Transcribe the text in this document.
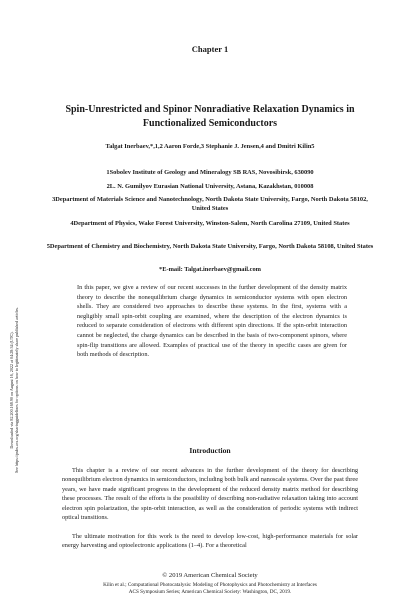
Chapter 1
Spin-Unrestricted and Spinor Nonradiative Relaxation Dynamics in Functionalized Semiconductors
Talgat Inerbaev,*,1,2 Aaron Forde,3 Stephanie J. Jensen,4 and Dmitri Kilin5
1Sobolev Institute of Geology and Mineralogy SB RAS, Novosibirsk, 630090
2L. N. Gumilyov Eurasian National University, Astana, Kazakhstan, 010008
3Department of Materials Science and Nanotechnology, North Dakota State University, Fargo, North Dakota 58102, United States
4Department of Physics, Wake Forest University, Winston-Salem, North Carolina 27109, United States
5Department of Chemistry and Biochemistry, North Dakota State University, Fargo, North Dakota 58108, United States
*E-mail: Talgat.inerbaev@gmail.com

In this paper, we give a review of our recent successes in the further development of the density matrix theory to describe the nonequilibrium charge dynamics in semiconductor systems with open electron shells. They are considered two approaches to describe these systems. In the first, systems with a negligibly small spin-orbit coupling are examined, where the description of the electron dynamics is reduced to separate consideration of electrons with different spin directions. If the spin-orbit interaction cannot be neglected, the charge dynamics can be described in the basis of two-component spinors, where spin-flip transitions are allowed. Examples of practical use of the theory in specific cases are given for both methods of description.

Downloaded via 82.200.168.90 on August 16, 2022 at 04:28:34 (UTC). See https://pubs.acs.org/sharingguidelines for options on how to legitimately share published articles.	Introduction

This chapter is a review of our recent advances in the further development of the theory for describing nonequilibrium electron dynamics in semiconductors, including both bulk and nanoscale systems. Over the past three years, we have made significant progress in the development of the reduced density matrix method for describing these processes. The result of the efforts is the possibility of describing non-radiative relaxation taking into account electron spin polarization, the spin-orbit interaction, as well as the consideration of periodic systems with indirect optical transitions.

The ultimate motivation for this work is the need to develop low-cost, high-performance materials for solar energy harvesting and optoelectronic applications (1–4). For a theoretical

© 2019 American Chemical Society
Kilin et al.; Computational Photocatalysis: Modeling of Photophysics and Photochemistry at Interfaces
ACS Symposium Series; American Chemical Society: Washington, DC, 2019.
